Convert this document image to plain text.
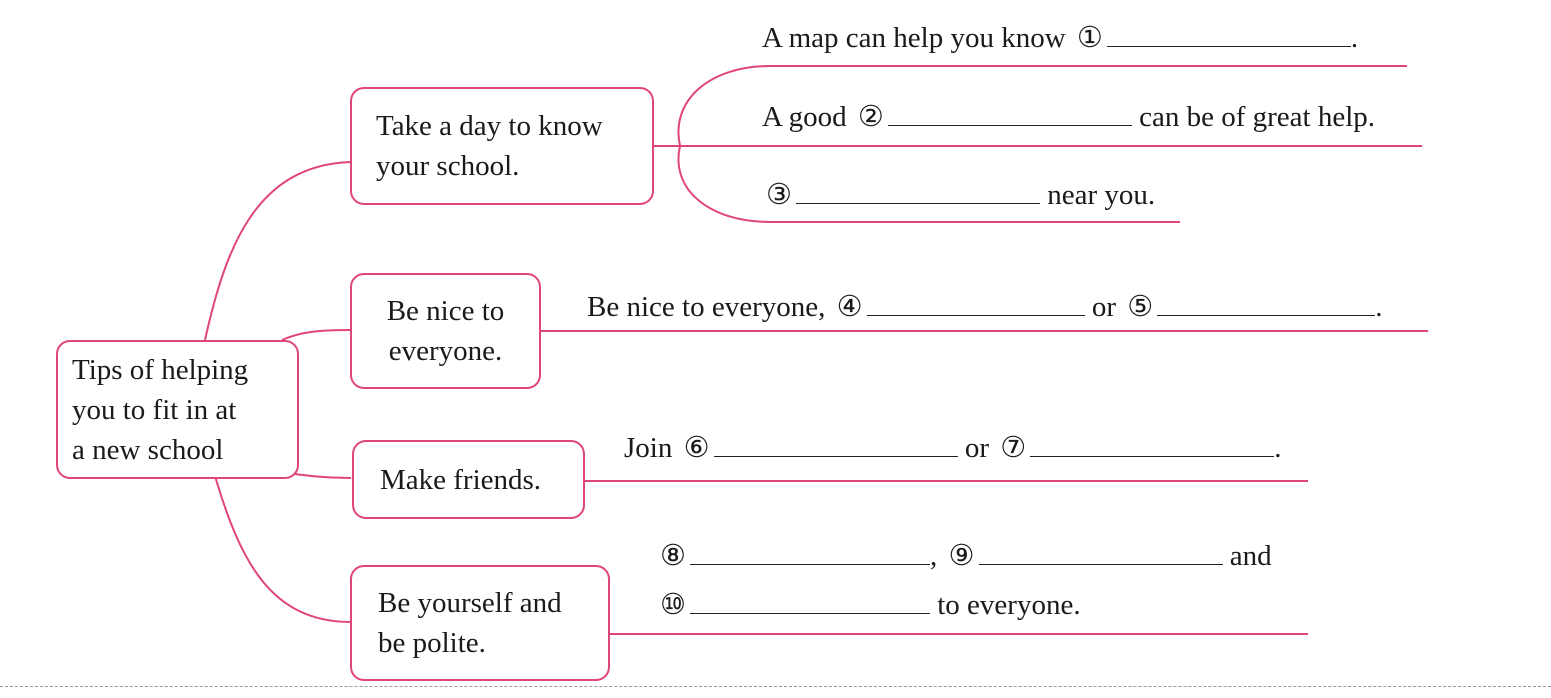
Tips of helping
you to fit in at
a new school
Take a day to know
your school.
Be nice to
everyone.
Make friends.
Be yourself and
be polite.
A map can help you know ①	.
A good ②	can be of great help.
③	near you.
Be nice to everyone, ④	or ⑤	.
Join ⑥	or ⑦	.
⑧	, ⑨	and
⑩	to everyone.
